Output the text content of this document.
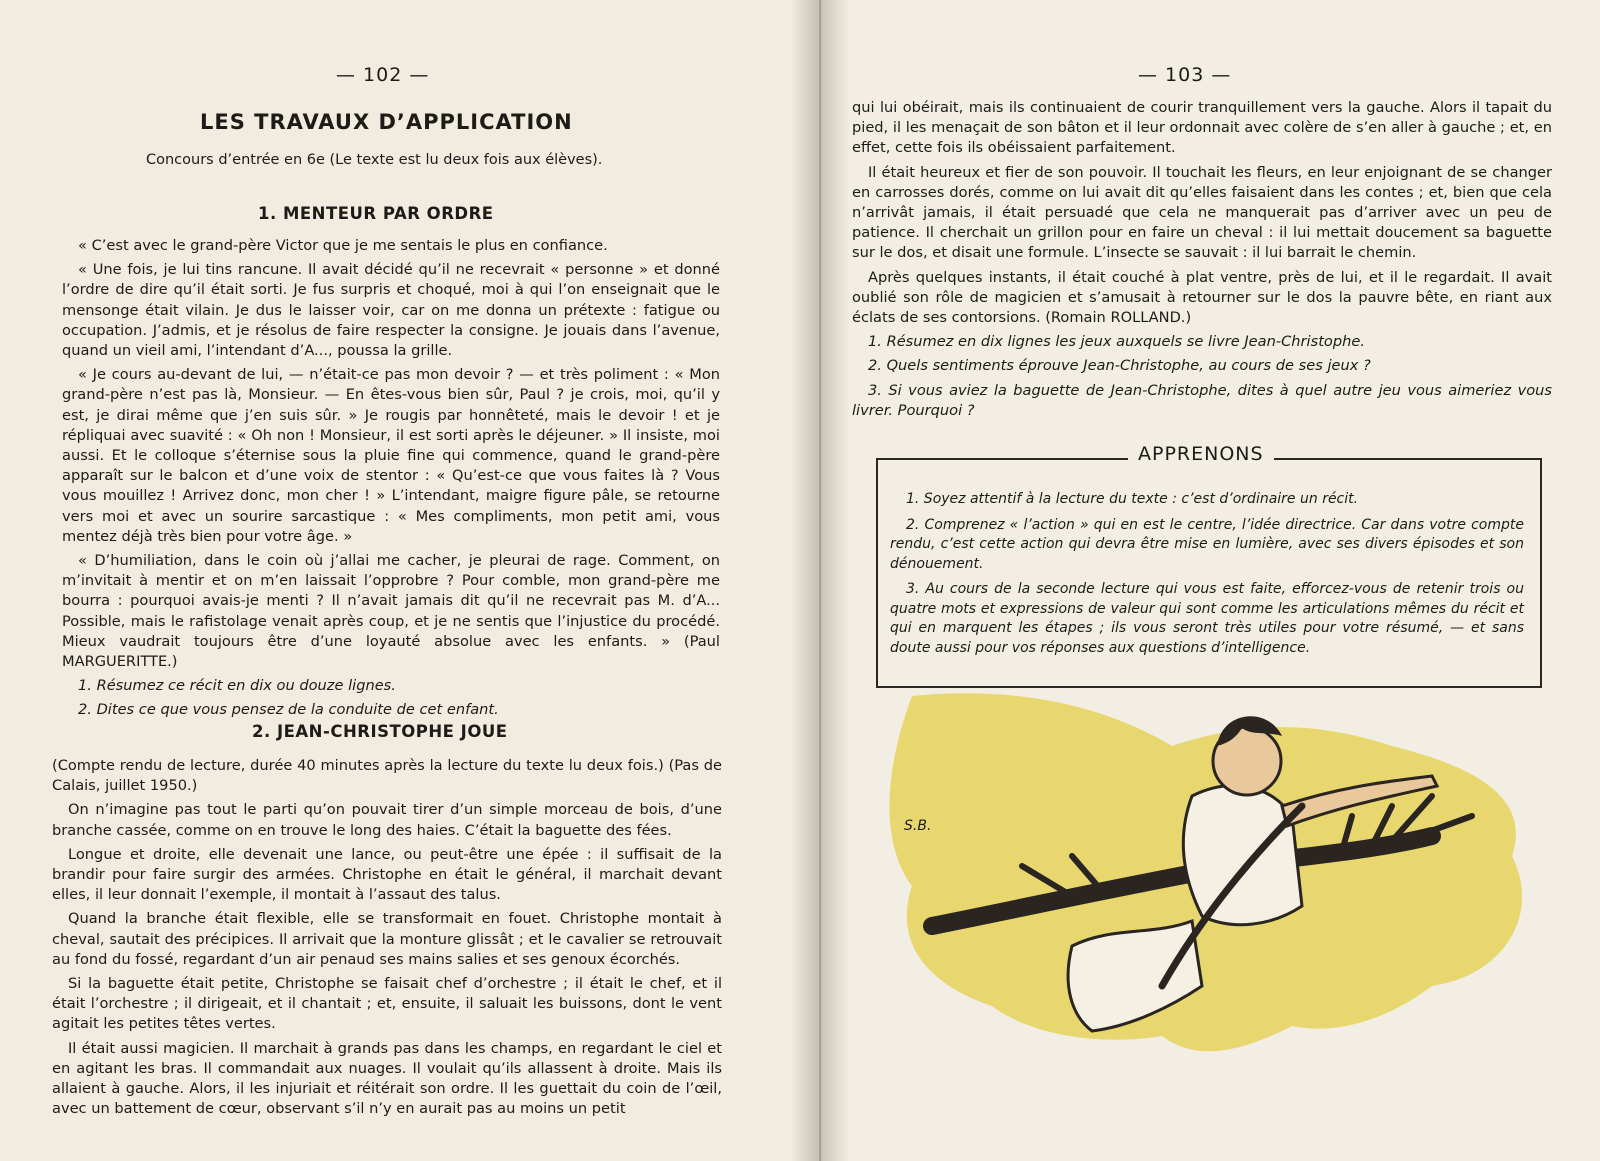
— 102 —
LES TRAVAUX D’APPLICATION
Concours d’entrée en 6e (Le texte est lu deux fois aux élèves).
1. MENTEUR PAR ORDRE

« C’est avec le grand-père Victor que je me sentais le plus en confiance.

« Une fois, je lui tins rancune. Il avait décidé qu’il ne recevrait « personne » et donné l’ordre de dire qu’il était sorti. Je fus surpris et choqué, moi à qui l’on enseignait que le mensonge était vilain. Je dus le laisser voir, car on me donna un prétexte : fatigue ou occupation. J’admis, et je résolus de faire respecter la consigne. Je jouais dans l’avenue, quand un vieil ami, l’intendant d’A..., poussa la grille.

« Je cours au-devant de lui, — n’était-ce pas mon devoir ? — et très poliment : « Mon grand-père n’est pas là, Monsieur. — En êtes-vous bien sûr, Paul ? je crois, moi, qu’il y est, je dirai même que j’en suis sûr. » Je rougis par honnêteté, mais le devoir ! et je répliquai avec suavité : « Oh non ! Monsieur, il est sorti après le déjeuner. » Il insiste, moi aussi. Et le colloque s’éternise sous la pluie fine qui commence, quand le grand-père apparaît sur le balcon et d’une voix de stentor : « Qu’est-ce que vous faites là ? Vous vous mouillez ! Arrivez donc, mon cher ! » L’intendant, maigre figure pâle, se retourne vers moi et avec un sourire sarcastique : « Mes compliments, mon petit ami, vous mentez déjà très bien pour votre âge. »

« D’humiliation, dans le coin où j’allai me cacher, je pleurai de rage. Comment, on m’invitait à mentir et on m’en laissait l’opprobre ? Pour comble, mon grand-père me bourra : pourquoi avais-je menti ? Il n’avait jamais dit qu’il ne recevrait pas M. d’A... Possible, mais le rafistolage venait après coup, et je ne sentis que l’injustice du procédé. Mieux vaudrait toujours être d’une loyauté absolue avec les enfants. » (Paul MARGUERITTE.)

1. Résumez ce récit en dix ou douze lignes.

2. Dites ce que vous pensez de la conduite de cet enfant.

2. JEAN-CHRISTOPHE JOUE

(Compte rendu de lecture, durée 40 minutes après la lecture du texte lu deux fois.) (Pas de Calais, juillet 1950.)

On n’imagine pas tout le parti qu’on pouvait tirer d’un simple morceau de bois, d’une branche cassée, comme on en trouve le long des haies. C’était la baguette des fées.

Longue et droite, elle devenait une lance, ou peut-être une épée : il suffisait de la brandir pour faire surgir des armées. Christophe en était le général, il marchait devant elles, il leur donnait l’exemple, il montait à l’assaut des talus.

Quand la branche était flexible, elle se transformait en fouet. Christophe montait à cheval, sautait des précipices. Il arrivait que la monture glissât ; et le cavalier se retrouvait au fond du fossé, regardant d’un air penaud ses mains salies et ses genoux écorchés.

Si la baguette était petite, Christophe se faisait chef d’orchestre ; il était le chef, et il était l’orchestre ; il dirigeait, et il chantait ; et, ensuite, il saluait les buissons, dont le vent agitait les petites têtes vertes.

Il était aussi magicien. Il marchait à grands pas dans les champs, en regardant le ciel et en agitant les bras. Il commandait aux nuages. Il voulait qu’ils allassent à droite. Mais ils allaient à gauche. Alors, il les injuriait et réitérait son ordre. Il les guettait du coin de l’œil, avec un battement de cœur, observant s’il n’y en aurait pas au moins un petit

— 103 —

qui lui obéirait, mais ils continuaient de courir tranquillement vers la gauche. Alors il tapait du pied, il les menaçait de son bâton et il leur ordonnait avec colère de s’en aller à gauche ; et, en effet, cette fois ils obéissaient parfaitement.

Il était heureux et fier de son pouvoir. Il touchait les fleurs, en leur enjoignant de se changer en carrosses dorés, comme on lui avait dit qu’elles faisaient dans les contes ; et, bien que cela n’arrivât jamais, il était persuadé que cela ne manquerait pas d’arriver avec un peu de patience. Il cherchait un grillon pour en faire un cheval : il lui mettait doucement sa baguette sur le dos, et disait une formule. L’insecte se sauvait : il lui barrait le chemin.

Après quelques instants, il était couché à plat ventre, près de lui, et il le regardait. Il avait oublié son rôle de magicien et s’amusait à retourner sur le dos la pauvre bête, en riant aux éclats de ses contorsions. (Romain ROLLAND.)

1. Résumez en dix lignes les jeux auxquels se livre Jean-Christophe.

2. Quels sentiments éprouve Jean-Christophe, au cours de ses jeux ?

3. Si vous aviez la baguette de Jean-Christophe, dites à quel autre jeu vous aimeriez vous livrer. Pourquoi ?

APPRENONS

1. Soyez attentif à la lecture du texte : c’est d’ordinaire un récit.

2. Comprenez « l’action » qui en est le centre, l’idée directrice. Car dans votre compte rendu, c’est cette action qui devra être mise en lumière, avec ses divers épisodes et son dénouement.

3. Au cours de la seconde lecture qui vous est faite, efforcez-vous de retenir trois ou quatre mots et expressions de valeur qui sont comme les articulations mêmes du récit et qui en marquent les étapes ; ils vous seront très utiles pour votre résumé, — et sans doute aussi pour vos réponses aux questions d’intelligence.

S.B.
